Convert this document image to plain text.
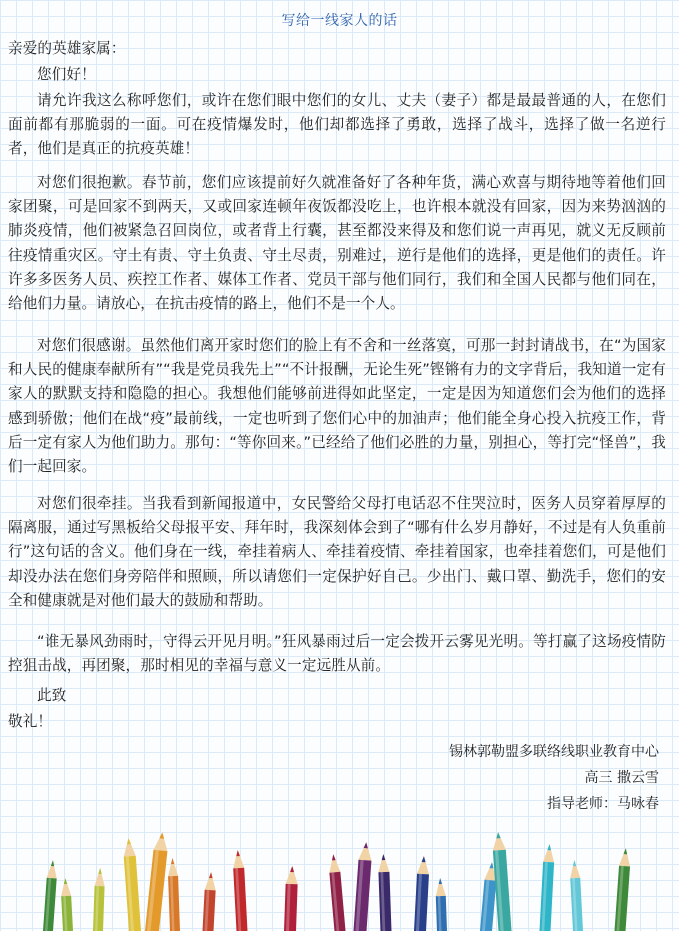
写给一线家人的话

亲爱的英雄家属：

您们好！

请允许我这么称呼您们，或许在您们眼中您们的女儿、丈夫（妻子）都是最最普通的人，在您们面前都有那脆弱的一面。可在疫情爆发时，他们却都选择了勇敢，选择了战斗，选择了做一名逆行者，他们是真正的抗疫英雄！

对您们很抱歉。春节前，您们应该提前好久就准备好了各种年货，满心欢喜与期待地等着他们回家团聚，可是回家不到两天，又或回家连顿年夜饭都没吃上，也许根本就没有回家，因为来势汹汹的肺炎疫情，他们被紧急召回岗位，或者背上行囊，甚至都没来得及和您们说一声再见，就义无反顾前往疫情重灾区。守土有责、守土负责、守土尽责，别难过，逆行是他们的选择，更是他们的责任。许许多多医务人员、疾控工作者、媒体工作者、党员干部与他们同行，我们和全国人民都与他们同在，给他们力量。请放心，在抗击疫情的路上，他们不是一个人。

对您们很感谢。虽然他们离开家时您们的脸上有不舍和一丝落寞，可那一封封请战书，在“为国家和人民的健康奉献所有”“我是党员我先上”“不计报酬，无论生死”铿锵有力的文字背后，我知道一定有家人的默默支持和隐隐的担心。我想他们能够前进得如此坚定，一定是因为知道您们会为他们的选择感到骄傲；他们在战“疫”最前线，一定也听到了您们心中的加油声；他们能全身心投入抗疫工作，背后一定有家人为他们助力。那句：“等你回来。”已经给了他们必胜的力量，别担心，等打完“怪兽”，我们一起回家。

对您们很牵挂。当我看到新闻报道中，女民警给父母打电话忍不住哭泣时，医务人员穿着厚厚的隔离服，通过写黑板给父母报平安、拜年时，我深刻体会到了“哪有什么岁月静好，不过是有人负重前行”这句话的含义。他们身在一线，牵挂着病人、牵挂着疫情、牵挂着国家，也牵挂着您们，可是他们却没办法在您们身旁陪伴和照顾，所以请您们一定保护好自己。少出门、戴口罩、勤洗手，您们的安全和健康就是对他们最大的鼓励和帮助。

“谁无暴风劲雨时，守得云开见月明。”狂风暴雨过后一定会拨开云雾见光明。等打赢了这场疫情防控狙击战，再团聚，那时相见的幸福与意义一定远胜从前。

此致

敬礼！

锡林郭勒盟多联络线职业教育中心
高三 撒云雪
指导老师：马咏春
